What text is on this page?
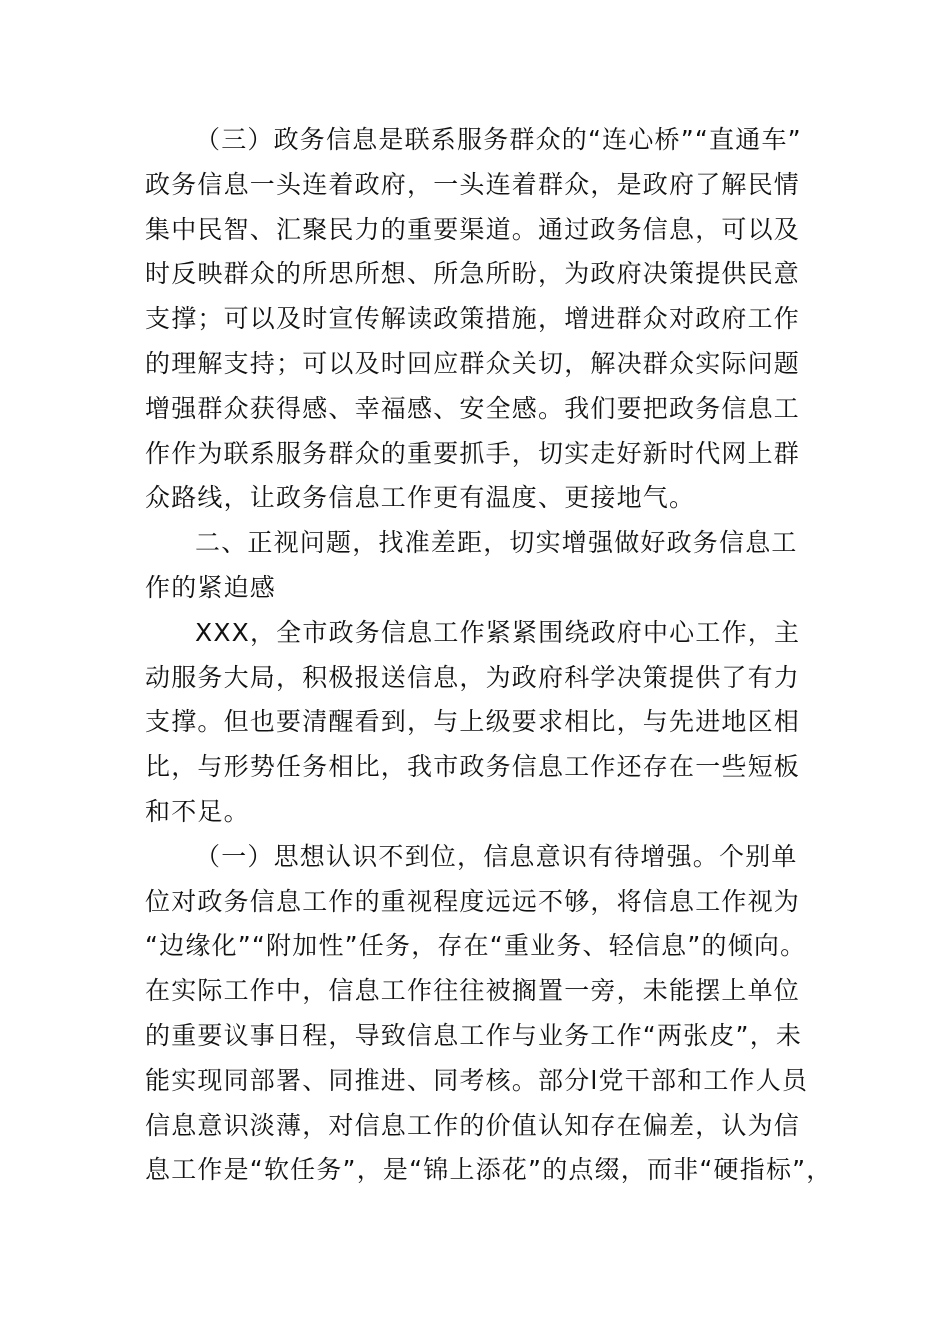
（三）政务信息是联系服务群众的“连心桥”“直通车”
政务信息一头连着政府，一头连着群众，是政府了解民情
集中民智、汇聚民力的重要渠道。通过政务信息，可以及
时反映群众的所思所想、所急所盼，为政府决策提供民意
支撑；可以及时宣传解读政策措施，增进群众对政府工作
的理解支持；可以及时回应群众关切，解决群众实际问题
增强群众获得感、幸福感、安全感。我们要把政务信息工
作作为联系服务群众的重要抓手，切实走好新时代网上群
众路线，让政务信息工作更有温度、更接地气。
二、正视问题，找准差距，切实增强做好政务信息工
作的紧迫感
XXX，全市政务信息工作紧紧围绕政府中心工作，主
动服务大局，积极报送信息，为政府科学决策提供了有力
支撑。但也要清醒看到，与上级要求相比，与先进地区相
比，与形势任务相比，我市政务信息工作还存在一些短板
和不足。
（一）思想认识不到位，信息意识有待增强。个别单
位对政务信息工作的重视程度远远不够，将信息工作视为
“边缘化”“附加性”任务，存在“重业务、轻信息”的倾向。
在实际工作中，信息工作往往被搁置一旁，未能摆上单位
的重要议事日程，导致信息工作与业务工作“两张皮”，未
能实现同部署、同推进、同考核。部分l党干部和工作人员
信息意识淡薄，对信息工作的价值认知存在偏差，认为信
息工作是“软任务”，是“锦上添花”的点缀，而非“硬指标”，
